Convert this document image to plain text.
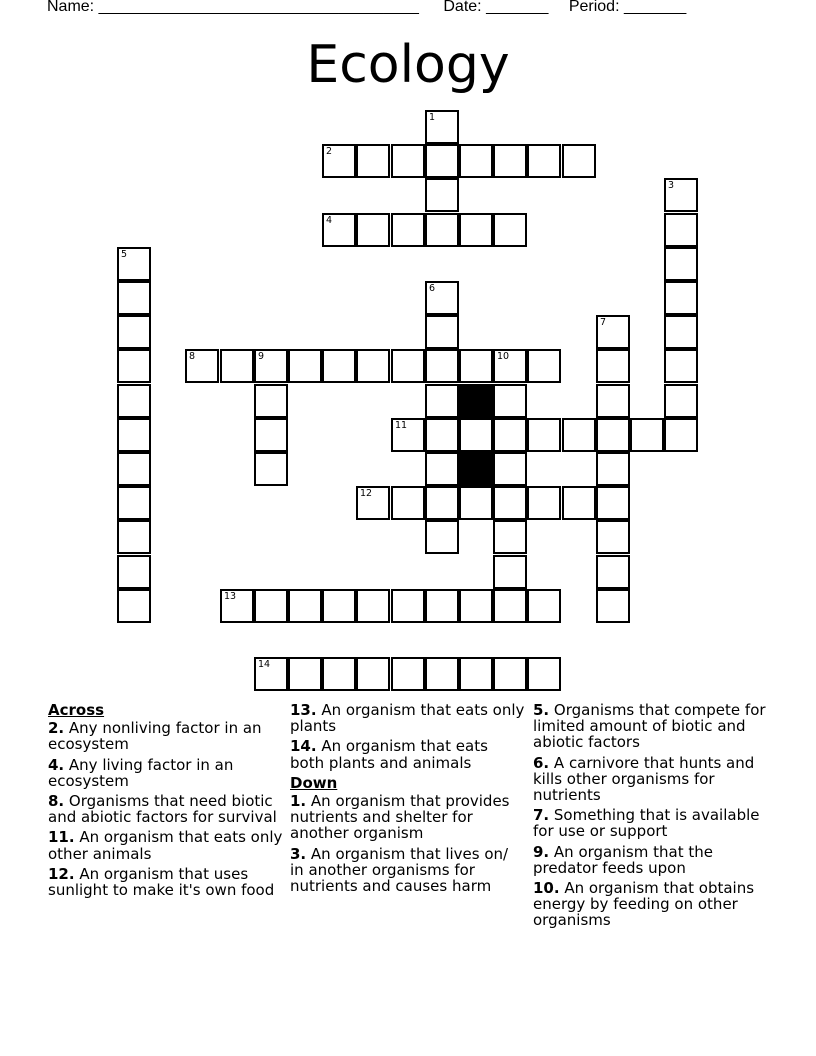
Name: ____________________________________ Date: _______ Period: _______
Ecology
1
2
3
4
5
6
7
8	9	10
11
12
13
14
Across
2. Any nonliving factor in an ecosystem
4. Any living factor in an ecosystem
8. Organisms that need biotic and abiotic factors for survival
11. An organism that eats only other animals
12. An organism that uses sunlight to make it's own food
13. An organism that eats only plants
14. An organism that eats both plants and animals
Down
1. An organism that provides nutrients and shelter for another organism
3. An organism that lives on/ in another organisms for nutrients and causes harm
5. Organisms that compete for limited amount of biotic and abiotic factors
6. A carnivore that hunts and kills other organisms for nutrients
7. Something that is available for use or support
9. An organism that the predator feeds upon
10. An organism that obtains energy by feeding on other organisms
